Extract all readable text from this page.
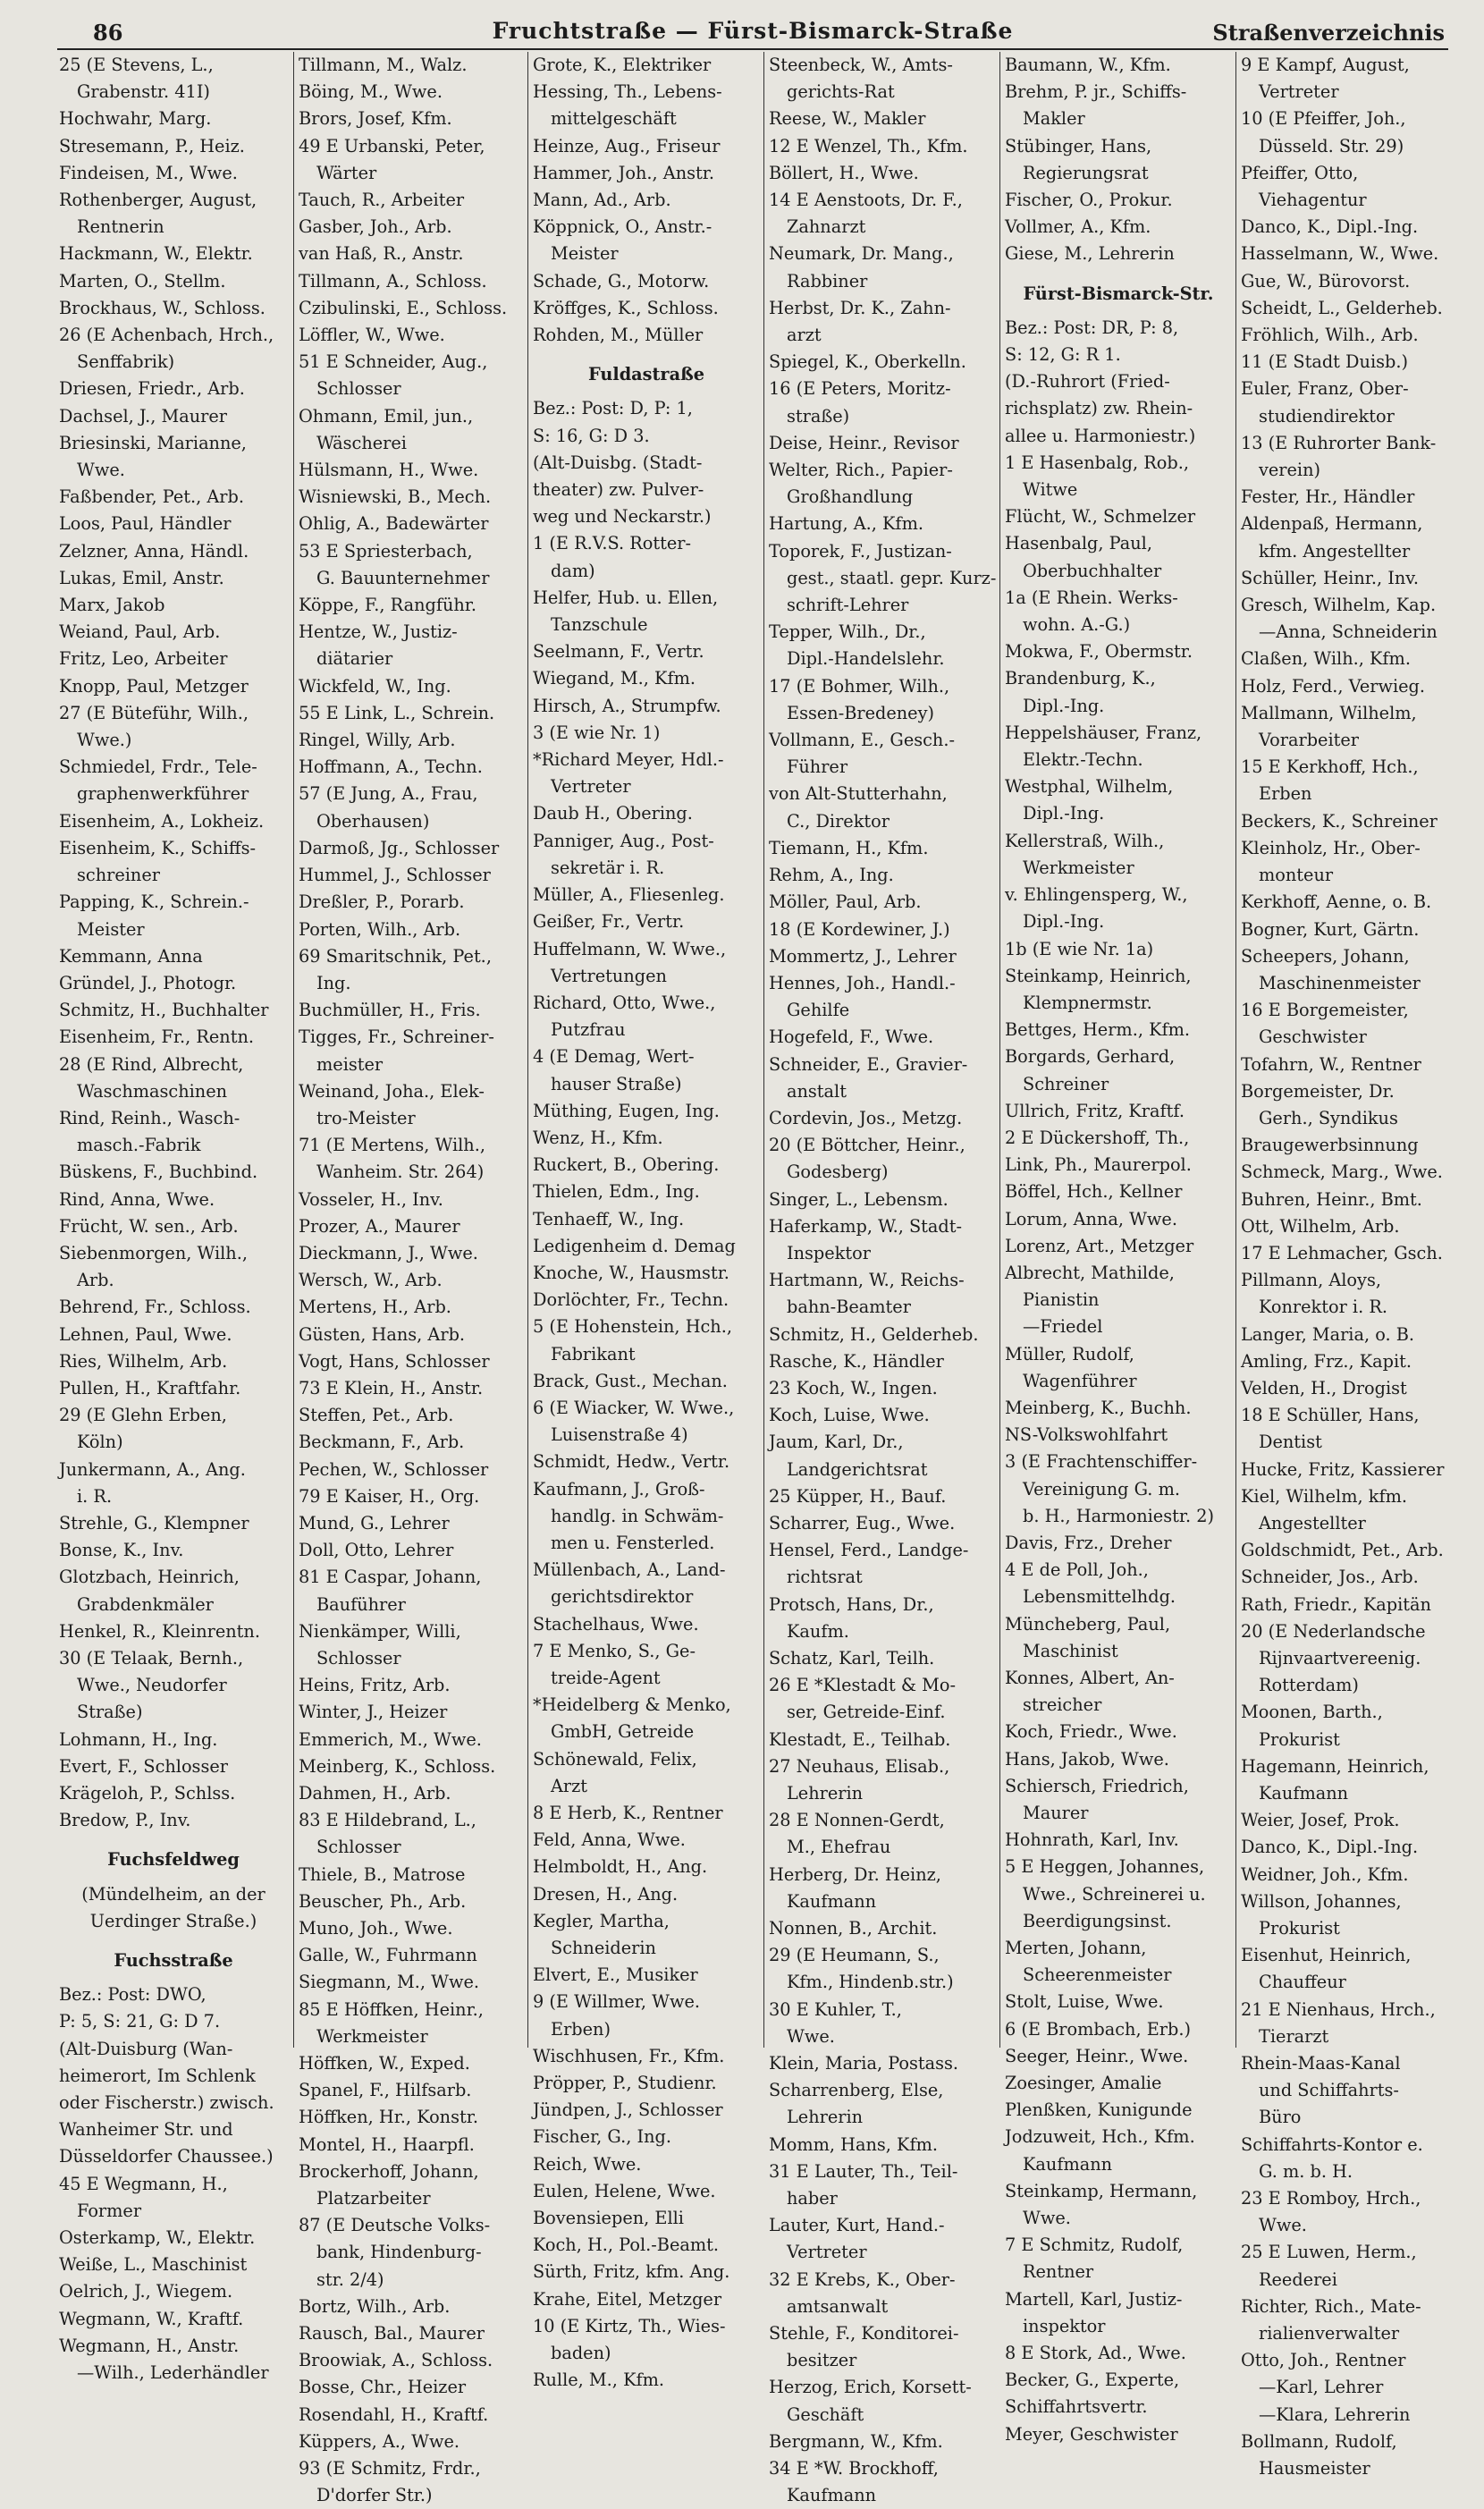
86	Fruchtstraße — Fürst-Bismarck-Straße	Straßenverzeichnis
25 (E Stevens, L.,
Grabenstr. 41I)
Hochwahr, Marg.
Stresemann, P., Heiz.
Findeisen, M., Wwe.
Rothenberger, August,
Rentnerin
Hackmann, W., Elektr.
Marten, O., Stellm.
Brockhaus, W., Schloss.
26 (E Achenbach, Hrch.,
Senffabrik)
Driesen, Friedr., Arb.
Dachsel, J., Maurer
Briesinski, Marianne,
Wwe.
Faßbender, Pet., Arb.
Loos, Paul, Händler
Zelzner, Anna, Händl.
Lukas, Emil, Anstr.
Marx, Jakob
Weiand, Paul, Arb.
Fritz, Leo, Arbeiter
Knopp, Paul, Metzger
27 (E Büteführ, Wilh.,
Wwe.)
Schmiedel, Frdr., Tele-
graphenwerkführer
Eisenheim, A., Lokheiz.
Eisenheim, K., Schiffs-
schreiner
Papping, K., Schrein.-
Meister
Kemmann, Anna
Gründel, J., Photogr.
Schmitz, H., Buchhalter
Eisenheim, Fr., Rentn.
28 (E Rind, Albrecht,
Waschmaschinen
Rind, Reinh., Wasch-
masch.-Fabrik
Büskens, F., Buchbind.
Rind, Anna, Wwe.
Frücht, W. sen., Arb.
Siebenmorgen, Wilh.,
Arb.
Behrend, Fr., Schloss.
Lehnen, Paul, Wwe.
Ries, Wilhelm, Arb.
Pullen, H., Kraftfahr.
29 (E Glehn Erben,
Köln)
Junkermann, A., Ang.
i. R.
Strehle, G., Klempner
Bonse, K., Inv.
Glotzbach, Heinrich,
Grabdenkmäler
Henkel, R., Kleinrentn.
30 (E Telaak, Bernh.,
Wwe., Neudorfer
Straße)
Lohmann, H., Ing.
Evert, F., Schlosser
Krägeloh, P., Schlss.
Bredow, P., Inv.
Fuchsfeldweg
(Mündelheim, an der
Uerdinger Straße.)
Fuchsstraße
Bez.: Post: DWO,
P: 5, S: 21, G: D 7.
(Alt-Duisburg (Wan-
heimerort, Im Schlenk
oder Fischerstr.) zwisch.
Wanheimer Str. und
Düsseldorfer Chaussee.)
45 E Wegmann, H.,
Former
Osterkamp, W., Elektr.
Weiße, L., Maschinist
Oelrich, J., Wiegem.
Wegmann, W., Kraftf.
Wegmann, H., Anstr.
—Wilh., Lederhändler
Tillmann, M., Walz.
Böing, M., Wwe.
Brors, Josef, Kfm.
49 E Urbanski, Peter,
Wärter
Tauch, R., Arbeiter
Gasber, Joh., Arb.
van Haß, R., Anstr.
Tillmann, A., Schloss.
Czibulinski, E., Schloss.
Löffler, W., Wwe.
51 E Schneider, Aug.,
Schlosser
Ohmann, Emil, jun.,
Wäscherei
Hülsmann, H., Wwe.
Wisniewski, B., Mech.
Ohlig, A., Badewärter
53 E Spriesterbach,
G. Bauunternehmer
Köppe, F., Rangführ.
Hentze, W., Justiz-
diätarier
Wickfeld, W., Ing.
55 E Link, L., Schrein.
Ringel, Willy, Arb.
Hoffmann, A., Techn.
57 (E Jung, A., Frau,
Oberhausen)
Darmoß, Jg., Schlosser
Hummel, J., Schlosser
Dreßler, P., Porarb.
Porten, Wilh., Arb.
69 Smaritschnik, Pet.,
Ing.
Buchmüller, H., Fris.
Tigges, Fr., Schreiner-
meister
Weinand, Joha., Elek-
tro-Meister
71 (E Mertens, Wilh.,
Wanheim. Str. 264)
Vosseler, H., Inv.
Prozer, A., Maurer
Dieckmann, J., Wwe.
Wersch, W., Arb.
Mertens, H., Arb.
Güsten, Hans, Arb.
Vogt, Hans, Schlosser
73 E Klein, H., Anstr.
Steffen, Pet., Arb.
Beckmann, F., Arb.
Pechen, W., Schlosser
79 E Kaiser, H., Org.
Mund, G., Lehrer
Doll, Otto, Lehrer
81 E Caspar, Johann,
Bauführer
Nienkämper, Willi,
Schlosser
Heins, Fritz, Arb.
Winter, J., Heizer
Emmerich, M., Wwe.
Meinberg, K., Schloss.
Dahmen, H., Arb.
83 E Hildebrand, L.,
Schlosser
Thiele, B., Matrose
Beuscher, Ph., Arb.
Muno, Joh., Wwe.
Galle, W., Fuhrmann
Siegmann, M., Wwe.
85 E Höffken, Heinr.,
Werkmeister
Höffken, W., Exped.
Spanel, F., Hilfsarb.
Höffken, Hr., Konstr.
Montel, H., Haarpfl.
Brockerhoff, Johann,
Platzarbeiter
87 (E Deutsche Volks-
bank, Hindenburg-
str. 2/4)
Bortz, Wilh., Arb.
Rausch, Bal., Maurer
Broowiak, A., Schloss.
Bosse, Chr., Heizer
Rosendahl, H., Kraftf.
Küppers, A., Wwe.
93 (E Schmitz, Frdr.,
D'dorfer Str.)
Grote, K., Elektriker
Hessing, Th., Lebens-
mittelgeschäft
Heinze, Aug., Friseur
Hammer, Joh., Anstr.
Mann, Ad., Arb.
Köppnick, O., Anstr.-
Meister
Schade, G., Motorw.
Kröffges, K., Schloss.
Rohden, M., Müller
Fuldastraße
Bez.: Post: D, P: 1,
S: 16, G: D 3.
(Alt-Duisbg. (Stadt-
theater) zw. Pulver-
weg und Neckarstr.)
1 (E R.V.S. Rotter-
dam)
Helfer, Hub. u. Ellen,
Tanzschule
Seelmann, F., Vertr.
Wiegand, M., Kfm.
Hirsch, A., Strumpfw.
3 (E wie Nr. 1)
*Richard Meyer, Hdl.-
Vertreter
Daub H., Obering.
Panniger, Aug., Post-
sekretär i. R.
Müller, A., Fliesenleg.
Geißer, Fr., Vertr.
Huffelmann, W. Wwe.,
Vertretungen
Richard, Otto, Wwe.,
Putzfrau
4 (E Demag, Wert-
hauser Straße)
Müthing, Eugen, Ing.
Wenz, H., Kfm.
Ruckert, B., Obering.
Thielen, Edm., Ing.
Tenhaeff, W., Ing.
Ledigenheim d. Demag
Knoche, W., Hausmstr.
Dorlöchter, Fr., Techn.
5 (E Hohenstein, Hch.,
Fabrikant
Brack, Gust., Mechan.
6 (E Wiacker, W. Wwe.,
Luisenstraße 4)
Schmidt, Hedw., Vertr.
Kaufmann, J., Groß-
handlg. in Schwäm-
men u. Fensterled.
Müllenbach, A., Land-
gerichtsdirektor
Stachelhaus, Wwe.
7 E Menko, S., Ge-
treide-Agent
*Heidelberg & Menko,
GmbH, Getreide
Schönewald, Felix,
Arzt
8 E Herb, K., Rentner
Feld, Anna, Wwe.
Helmboldt, H., Ang.
Dresen, H., Ang.
Kegler, Martha,
Schneiderin
Elvert, E., Musiker
9 (E Willmer, Wwe.
Erben)
Wischhusen, Fr., Kfm.
Pröpper, P., Studienr.
Jündpen, J., Schlosser
Fischer, G., Ing.
Reich, Wwe.
Eulen, Helene, Wwe.
Bovensiepen, Elli
Koch, H., Pol.-Beamt.
Sürth, Fritz, kfm. Ang.
Krahe, Eitel, Metzger
10 (E Kirtz, Th., Wies-
baden)
Rulle, M., Kfm.
Steenbeck, W., Amts-
gerichts-Rat
Reese, W., Makler
12 E Wenzel, Th., Kfm.
Böllert, H., Wwe.
14 E Aenstoots, Dr. F.,
Zahnarzt
Neumark, Dr. Mang.,
Rabbiner
Herbst, Dr. K., Zahn-
arzt
Spiegel, K., Oberkelln.
16 (E Peters, Moritz-
straße)
Deise, Heinr., Revisor
Welter, Rich., Papier-
Großhandlung
Hartung, A., Kfm.
Toporek, F., Justizan-
gest., staatl. gepr. Kurz-
schrift-Lehrer
Tepper, Wilh., Dr.,
Dipl.-Handelslehr.
17 (E Bohmer, Wilh.,
Essen-Bredeney)
Vollmann, E., Gesch.-
Führer
von Alt-Stutterhahn,
C., Direktor
Tiemann, H., Kfm.
Rehm, A., Ing.
Möller, Paul, Arb.
18 (E Kordewiner, J.)
Mommertz, J., Lehrer
Hennes, Joh., Handl.-
Gehilfe
Hogefeld, F., Wwe.
Schneider, E., Gravier-
anstalt
Cordevin, Jos., Metzg.
20 (E Böttcher, Heinr.,
Godesberg)
Singer, L., Lebensm.
Haferkamp, W., Stadt-
Inspektor
Hartmann, W., Reichs-
bahn-Beamter
Schmitz, H., Gelderheb.
Rasche, K., Händler
23 Koch, W., Ingen.
Koch, Luise, Wwe.
Jaum, Karl, Dr.,
Landgerichtsrat
25 Küpper, H., Bauf.
Scharrer, Eug., Wwe.
Hensel, Ferd., Landge-
richtsrat
Protsch, Hans, Dr.,
Kaufm.
Schatz, Karl, Teilh.
26 E *Klestadt & Mo-
ser, Getreide-Einf.
Klestadt, E., Teilhab.
27 Neuhaus, Elisab.,
Lehrerin
28 E Nonnen-Gerdt,
M., Ehefrau
Herberg, Dr. Heinz,
Kaufmann
Nonnen, B., Archit.
29 (E Heumann, S.,
Kfm., Hindenb.str.)
30 E Kuhler, T.,
Wwe.
Klein, Maria, Postass.
Scharrenberg, Else,
Lehrerin
Momm, Hans, Kfm.
31 E Lauter, Th., Teil-
haber
Lauter, Kurt, Hand.-
Vertreter
32 E Krebs, K., Ober-
amtsanwalt
Stehle, F., Konditorei-
besitzer
Herzog, Erich, Korsett-
Geschäft
Bergmann, W., Kfm.
34 E *W. Brockhoff,
Kaufmann
Baumann, W., Kfm.
Brehm, P. jr., Schiffs-
Makler
Stübinger, Hans,
Regierungsrat
Fischer, O., Prokur.
Vollmer, A., Kfm.
Giese, M., Lehrerin
Fürst-Bismarck-Str.
Bez.: Post: DR, P: 8,
S: 12, G: R 1.
(D.-Ruhrort (Fried-
richsplatz) zw. Rhein-
allee u. Harmoniestr.)
1 E Hasenbalg, Rob.,
Witwe
Flücht, W., Schmelzer
Hasenbalg, Paul,
Oberbuchhalter
1a (E Rhein. Werks-
wohn. A.-G.)
Mokwa, F., Obermstr.
Brandenburg, K.,
Dipl.-Ing.
Heppelshäuser, Franz,
Elektr.-Techn.
Westphal, Wilhelm,
Dipl.-Ing.
Kellerstraß, Wilh.,
Werkmeister
v. Ehlingensperg, W.,
Dipl.-Ing.
1b (E wie Nr. 1a)
Steinkamp, Heinrich,
Klempnermstr.
Bettges, Herm., Kfm.
Borgards, Gerhard,
Schreiner
Ullrich, Fritz, Kraftf.
2 E Dückershoff, Th.,
Link, Ph., Maurerpol.
Böffel, Hch., Kellner
Lorum, Anna, Wwe.
Lorenz, Art., Metzger
Albrecht, Mathilde,
Pianistin
—Friedel
Müller, Rudolf,
Wagenführer
Meinberg, K., Buchh.
NS-Volkswohlfahrt
3 (E Frachtenschiffer-
Vereinigung G. m.
b. H., Harmoniestr. 2)
Davis, Frz., Dreher
4 E de Poll, Joh.,
Lebensmittelhdg.
Müncheberg, Paul,
Maschinist
Konnes, Albert, An-
streicher
Koch, Friedr., Wwe.
Hans, Jakob, Wwe.
Schiersch, Friedrich,
Maurer
Hohnrath, Karl, Inv.
5 E Heggen, Johannes,
Wwe., Schreinerei u.
Beerdigungsinst.
Merten, Johann,
Scheerenmeister
Stolt, Luise, Wwe.
6 (E Brombach, Erb.)
Seeger, Heinr., Wwe.
Zoesinger, Amalie
Plenßken, Kunigunde
Jodzuweit, Hch., Kfm.
Kaufmann
Steinkamp, Hermann,
Wwe.
7 E Schmitz, Rudolf,
Rentner
Martell, Karl, Justiz-
inspektor
8 E Stork, Ad., Wwe.
Becker, G., Experte,
Schiffahrtsvertr.
Meyer, Geschwister
9 E Kampf, August,
Vertreter
10 (E Pfeiffer, Joh.,
Düsseld. Str. 29)
Pfeiffer, Otto,
Viehagentur
Danco, K., Dipl.-Ing.
Hasselmann, W., Wwe.
Gue, W., Bürovorst.
Scheidt, L., Gelderheb.
Fröhlich, Wilh., Arb.
11 (E Stadt Duisb.)
Euler, Franz, Ober-
studiendirektor
13 (E Ruhrorter Bank-
verein)
Fester, Hr., Händler
Aldenpaß, Hermann,
kfm. Angestellter
Schüller, Heinr., Inv.
Gresch, Wilhelm, Kap.
—Anna, Schneiderin
Claßen, Wilh., Kfm.
Holz, Ferd., Verwieg.
Mallmann, Wilhelm,
Vorarbeiter
15 E Kerkhoff, Hch.,
Erben
Beckers, K., Schreiner
Kleinholz, Hr., Ober-
monteur
Kerkhoff, Aenne, o. B.
Bogner, Kurt, Gärtn.
Scheepers, Johann,
Maschinenmeister
16 E Borgemeister,
Geschwister
Tofahrn, W., Rentner
Borgemeister, Dr.
Gerh., Syndikus
Braugewerbsinnung
Schmeck, Marg., Wwe.
Buhren, Heinr., Bmt.
Ott, Wilhelm, Arb.
17 E Lehmacher, Gsch.
Pillmann, Aloys,
Konrektor i. R.
Langer, Maria, o. B.
Amling, Frz., Kapit.
Velden, H., Drogist
18 E Schüller, Hans,
Dentist
Hucke, Fritz, Kassierer
Kiel, Wilhelm, kfm.
Angestellter
Goldschmidt, Pet., Arb.
Schneider, Jos., Arb.
Rath, Friedr., Kapitän
20 (E Nederlandsche
Rijnvaartvereenig.
Rotterdam)
Moonen, Barth.,
Prokurist
Hagemann, Heinrich,
Kaufmann
Weier, Josef, Prok.
Danco, K., Dipl.-Ing.
Weidner, Joh., Kfm.
Willson, Johannes,
Prokurist
Eisenhut, Heinrich,
Chauffeur
21 E Nienhaus, Hrch.,
Tierarzt
Rhein-Maas-Kanal
und Schiffahrts-
Büro
Schiffahrts-Kontor e.
G. m. b. H.
23 E Romboy, Hrch.,
Wwe.
25 E Luwen, Herm.,
Reederei
Richter, Rich., Mate-
rialienverwalter
Otto, Joh., Rentner
—Karl, Lehrer
—Klara, Lehrerin
Bollmann, Rudolf,
Hausmeister
